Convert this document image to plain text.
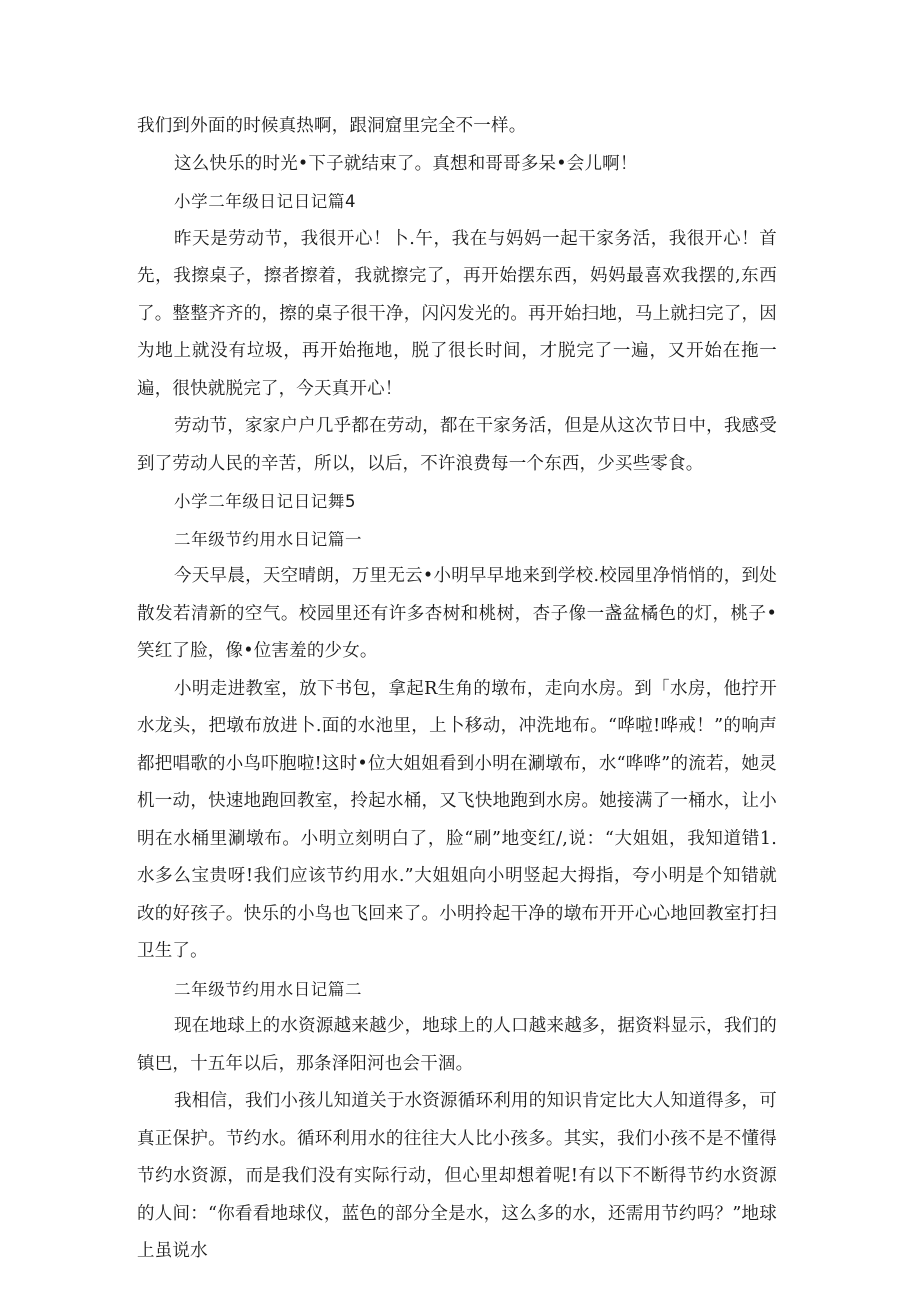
我们到外面的时候真热啊，跟洞窟里完全不一样。

这么快乐的时光•下子就结束了。真想和哥哥多呆•会儿啊！

小学二年级日记日记篇4

昨天是劳动节，我很开心！卜.午，我在与妈妈一起干家务活，我很开心！首先，我擦桌子，擦者擦着，我就擦完了，再开始摆东西，妈妈最喜欢我摆的,东西了。整整齐齐的，擦的桌子很干净，闪闪发光的。再开始扫地，马上就扫完了，因为地上就没有垃圾，再开始拖地，脱了很长时间，才脱完了一遍，又开始在拖一遍，很快就脱完了，今天真开心！

劳动节，家家户户几乎都在劳动，都在干家务活，但是从这次节日中，我感受到了劳动人民的辛苦，所以，以后，不许浪费每一个东西，少买些零食。

小学二年级日记日记舞5

二年级节约用水日记篇一

今天早晨，天空晴朗，万里无云•小明早早地来到学校.校园里净悄悄的，到处散发若清新的空气。校园里还有许多杏树和桃树，杏子像一盏盆橘色的灯，桃子•笑红了脸，像•位害羞的少女。

小明走进教室，放下书包，拿起R生角的墩布，走向水房。到「水房，他拧开水龙头，把墩布放进卜.面的水池里，上卜移动，冲洗地布。“哗啦!哗戒！”的响声都把唱歌的小鸟吓胞啦!这时•位大姐姐看到小明在涮墩布，水“哗哗”的流若，她灵机一动，快速地跑回教室，拎起水桶，又飞快地跑到水房。她接满了一桶水，让小明在水桶里涮墩布。小明立刻明白了，脸“刷”地变红/,说：“大姐姐，我知道错1.水多么宝贵呀!我们应该节约用水.”大姐姐向小明竖起大拇指，夸小明是个知错就改的好孩子。快乐的小鸟也飞回来了。小明拎起干净的墩布开开心心地回教室打扫卫生了。

二年级节约用水日记篇二

现在地球上的水资源越来越少，地球上的人口越来越多，据资料显示，我们的镇巴，十五年以后，那条泽阳河也会干涸。

我相信，我们小孩儿知道关于水资源循环利用的知识肯定比大人知道得多，可真正保护。节约水。循环利用水的往往大人比小孩多。其实，我们小孩不是不懂得节约水资源，而是我们没有实际行动，但心里却想着呢!有以下不断得节约水资源的人间：“你看看地球仪，蓝色的部分全是水，这么多的水，还需用节约吗？”地球上虽说水
